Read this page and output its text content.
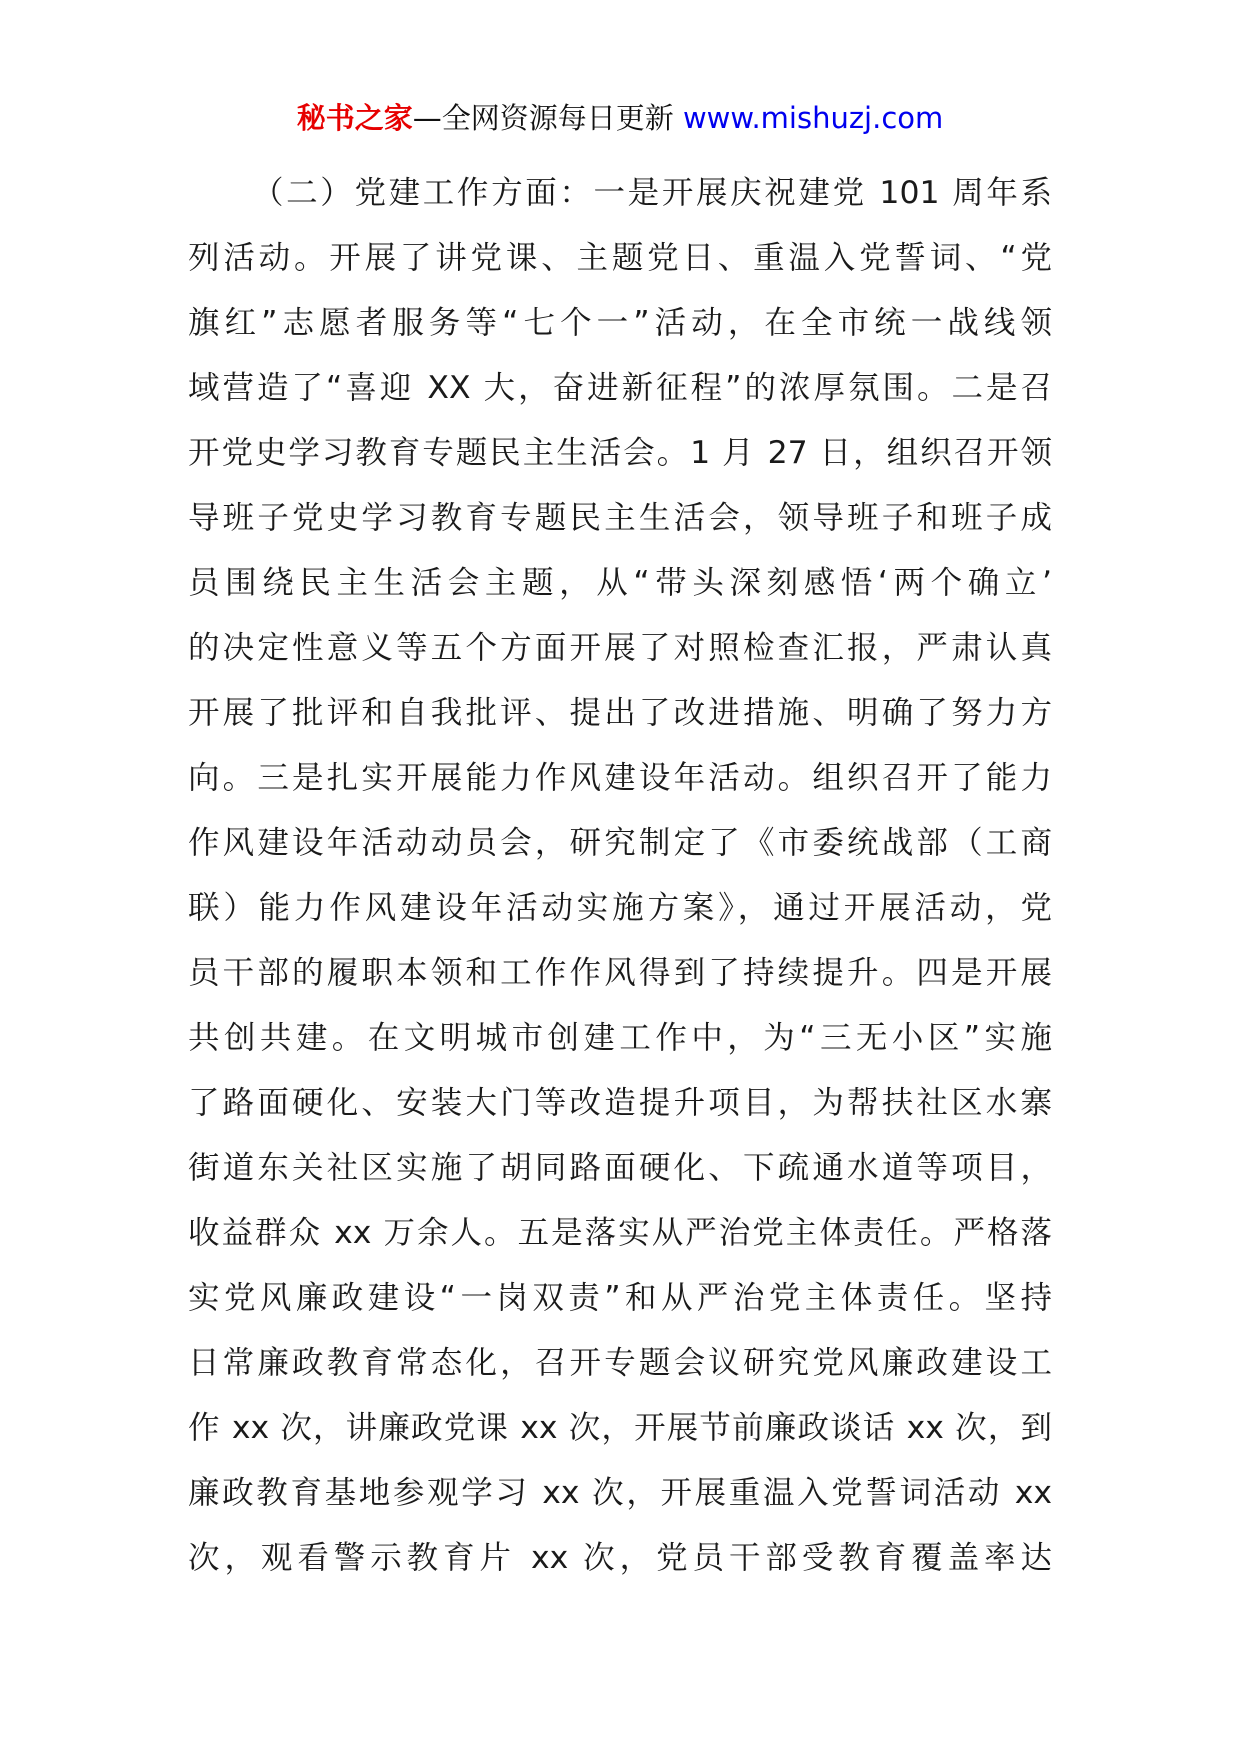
秘书之家—全网资源每日更新 www.mishuzj.com
（二）党建工作方面：一是开展庆祝建党 101 周年系
列活动。开展了讲党课、主题党日、重温入党誓词、“党
旗红”志愿者服务等“七个一”活动，在全市统一战线领
域营造了“喜迎 XX 大，奋进新征程”的浓厚氛围。二是召
开党史学习教育专题民主生活会。1 月 27 日，组织召开领
导班子党史学习教育专题民主生活会，领导班子和班子成
员围绕民主生活会主题，从“带头深刻感悟‘两个确立’
的决定性意义等五个方面开展了对照检查汇报，严肃认真
开展了批评和自我批评、提出了改进措施、明确了努力方
向。三是扎实开展能力作风建设年活动。组织召开了能力
作风建设年活动动员会，研究制定了《市委统战部（工商
联）能力作风建设年活动实施方案》，通过开展活动，党
员干部的履职本领和工作作风得到了持续提升。四是开展
共创共建。在文明城市创建工作中，为“三无小区”实施
了路面硬化、安装大门等改造提升项目，为帮扶社区水寨
街道东关社区实施了胡同路面硬化、下疏通水道等项目，
收益群众 xx 万余人。五是落实从严治党主体责任。严格落
实党风廉政建设“一岗双责”和从严治党主体责任。坚持
日常廉政教育常态化，召开专题会议研究党风廉政建设工
作 xx 次，讲廉政党课 xx 次，开展节前廉政谈话 xx 次，到
廉政教育基地参观学习 xx 次，开展重温入党誓词活动 xx
次，观看警示教育片 xx 次，党员干部受教育覆盖率达
